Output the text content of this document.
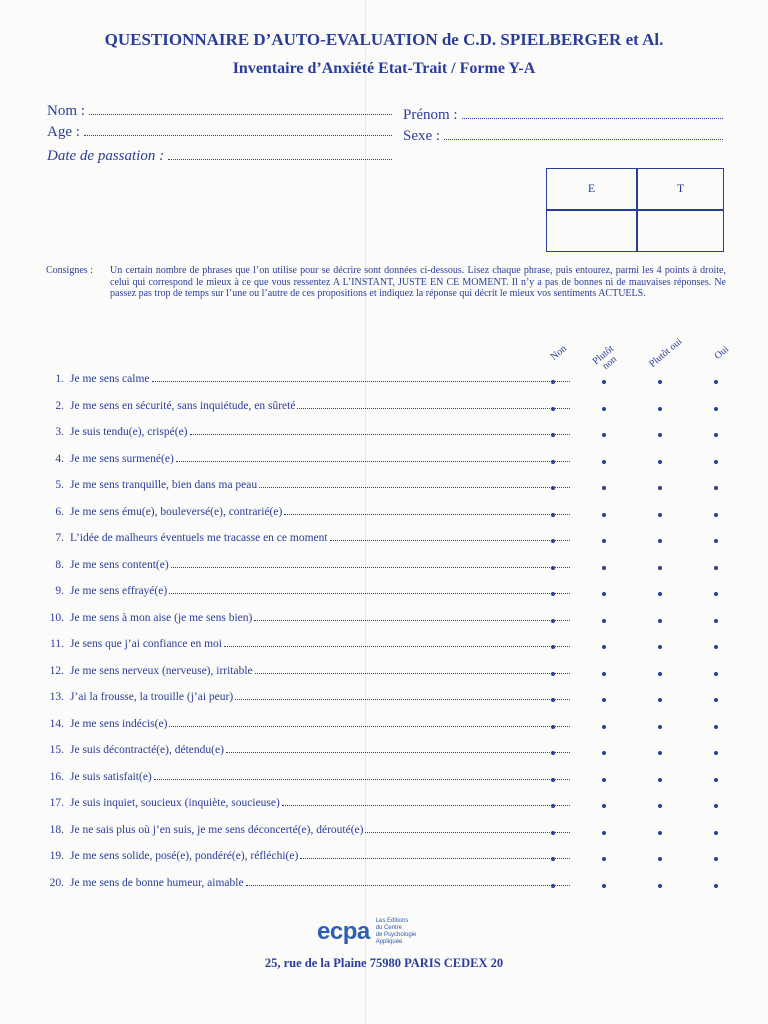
QUESTIONNAIRE D’AUTO-EVALUATION de C.D. SPIELBERGER et Al.
Inventaire d’Anxiété Etat-Trait / Forme Y-A
Nom :	Prénom :
Age :	Sexe :
Date de passation :
E	T
Consignes :	Un certain nombre de phrases que l’on utilise pour se décrire sont données ci-dessous. Lisez chaque phrase, puis entourez, parmi les 4 points à droite, celui qui correspond le mieux à ce que vous ressentez A L’INSTANT, JUSTE EN CE MOMENT. Il n’y a pas de bonnes ni de mauvaises réponses. Ne passez pas trop de temps sur l’une ou l’autre de ces propositions et indiquez la réponse qui décrit le mieux vos sentiments ACTUELS.
Non	Plutôt non	Plutôt oui	Oui
1. Je me sens calme
2. Je me sens en sécurité, sans inquiétude, en sûreté
3. Je suis tendu(e), crispé(e)
4. Je me sens surmené(e)
5. Je me sens tranquille, bien dans ma peau
6. Je me sens ému(e), bouleversé(e), contrarié(e)
7. L’idée de malheurs éventuels me tracasse en ce moment
8. Je me sens content(e)
9. Je me sens effrayé(e)
10. Je me sens à mon aise (je me sens bien)
11. Je sens que j’ai confiance en moi
12. Je me sens nerveux (nerveuse), irritable
13. J’ai la frousse, la trouille (j’ai peur)
14. Je me sens indécis(e)
15. Je suis décontracté(e), détendu(e)
16. Je suis satisfait(e)
17. Je suis inquiet, soucieux (inquiète, soucieuse)
18. Je ne sais plus où j’en suis, je me sens déconcerté(e), dérouté(e)
19. Je me sens solide, posé(e), pondéré(e), réfléchi(e)
20. Je me sens de bonne humeur, aimable
ecpa Les Editions
du Centre
de Psychologie
Appliquée
25, rue de la Plaine 75980 PARIS CEDEX 20
